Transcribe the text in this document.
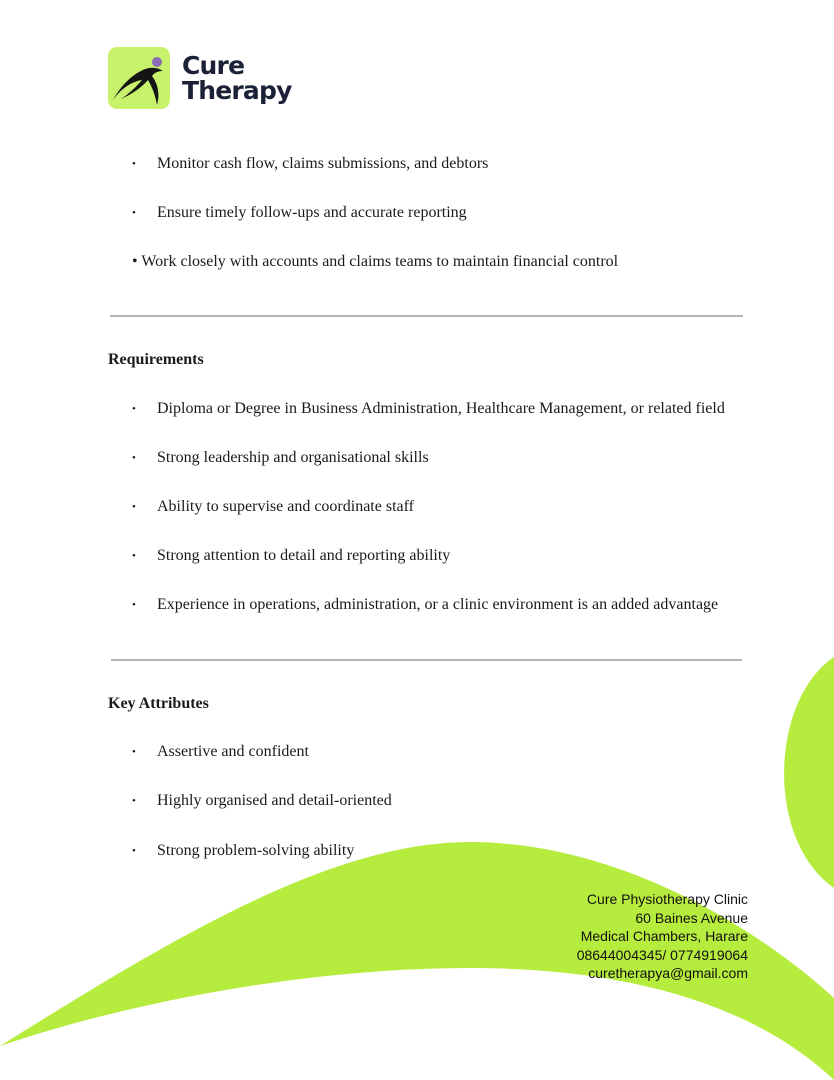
Cure
Therapy
• Monitor cash flow, claims submissions, and debtors
• Ensure timely follow-ups and accurate reporting
• Work closely with accounts and claims teams to maintain financial control
Requirements
• Diploma or Degree in Business Administration, Healthcare Management, or related field
• Strong leadership and organisational skills
• Ability to supervise and coordinate staff
• Strong attention to detail and reporting ability
• Experience in operations, administration, or a clinic environment is an added advantage
Key Attributes
• Assertive and confident
• Highly organised and detail-oriented
• Strong problem-solving ability
Cure Physiotherapy Clinic
60 Baines Avenue
Medical Chambers, Harare
08644004345/ 0774919064
curetherapya@gmail.com
